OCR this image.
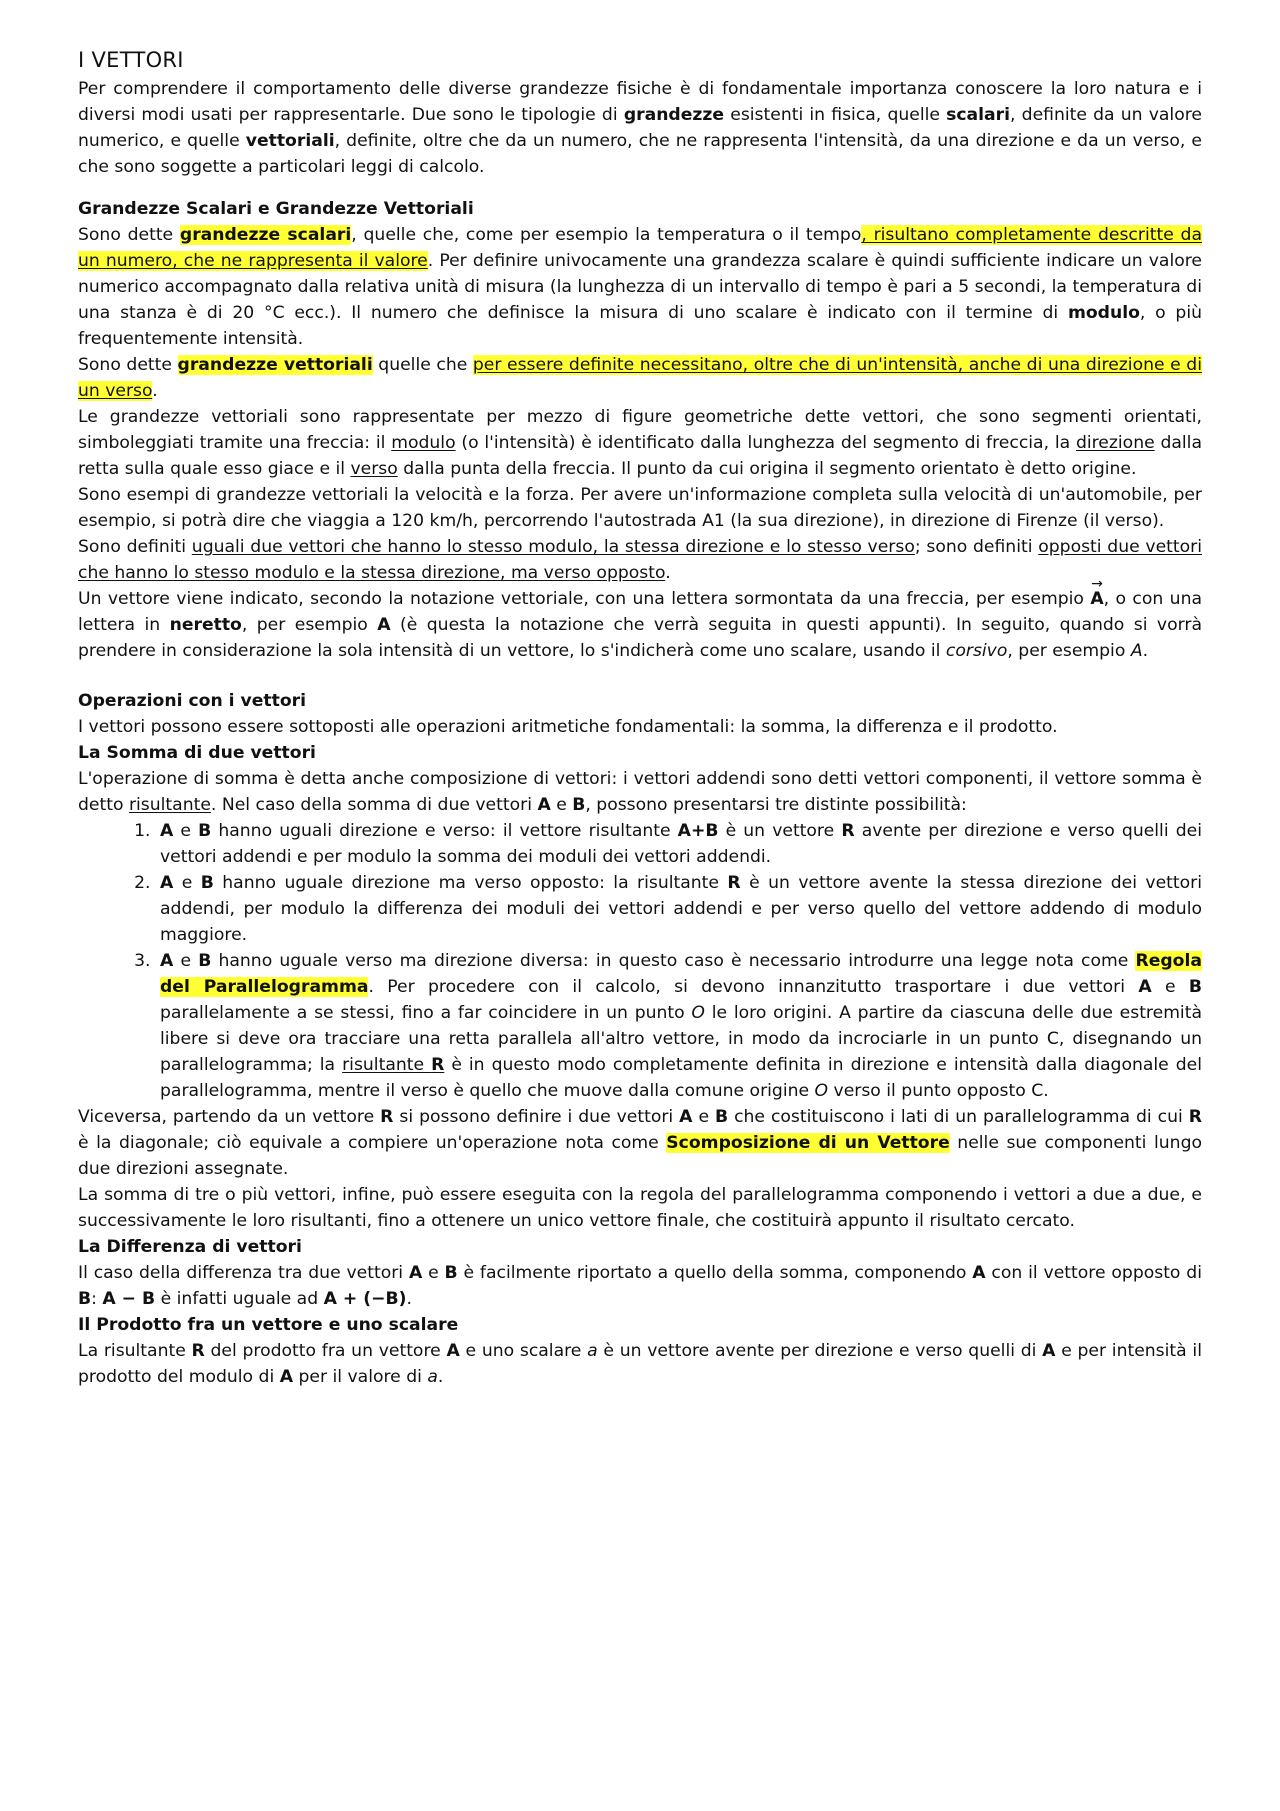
I VETTORI

Per comprendere il comportamento delle diverse grandezze fisiche è di fondamentale importanza conoscere la loro natura e i diversi modi usati per rappresentarle. Due sono le tipologie di grandezze esistenti in fisica, quelle scalari, definite da un valore numerico, e quelle vettoriali, definite, oltre che da un numero, che ne rappresenta l'intensità, da una direzione e da un verso, e che sono soggette a particolari leggi di calcolo.

Grandezze Scalari e Grandezze Vettoriali

Sono dette grandezze scalari, quelle che, come per esempio la temperatura o il tempo, risultano completamente descritte da un numero, che ne rappresenta il valore. Per definire univocamente una grandezza scalare è quindi sufficiente indicare un valore numerico accompagnato dalla relativa unità di misura (la lunghezza di un intervallo di tempo è pari a 5 secondi, la temperatura di una stanza è di 20 °C ecc.). Il numero che definisce la misura di uno scalare è indicato con il termine di modulo, o più frequentemente intensità.

Sono dette grandezze vettoriali quelle che per essere definite necessitano, oltre che di un'intensità, anche di una direzione e di un verso.

Le grandezze vettoriali sono rappresentate per mezzo di figure geometriche dette vettori, che sono segmenti orientati, simboleggiati tramite una freccia: il modulo (o l'intensità) è identificato dalla lunghezza del segmento di freccia, la direzione dalla retta sulla quale esso giace e il verso dalla punta della freccia. Il punto da cui origina il segmento orientato è detto origine.

Sono esempi di grandezze vettoriali la velocità e la forza. Per avere un'informazione completa sulla velocità di un'automobile, per esempio, si potrà dire che viaggia a 120 km/h, percorrendo l'autostrada A1 (la sua direzione), in direzione di Firenze (il verso).

Sono definiti uguali due vettori che hanno lo stesso modulo, la stessa direzione e lo stesso verso; sono definiti opposti due vettori che hanno lo stesso modulo e la stessa direzione, ma verso opposto.

Un vettore viene indicato, secondo la notazione vettoriale, con una lettera sormontata da una freccia, per esempio → A, o con una lettera in neretto, per esempio A (è questa la notazione che verrà seguita in questi appunti). In seguito, quando si vorrà prendere in considerazione la sola intensità di un vettore, lo s'indicherà come uno scalare, usando il corsivo, per esempio A.

Operazioni con i vettori

I vettori possono essere sottoposti alle operazioni aritmetiche fondamentali: la somma, la differenza e il prodotto.

La Somma di due vettori

L'operazione di somma è detta anche composizione di vettori: i vettori addendi sono detti vettori componenti, il vettore somma è detto risultante. Nel caso della somma di due vettori A e B, possono presentarsi tre distinte possibilità:

1. A e B hanno uguali direzione e verso: il vettore risultante A+B è un vettore R avente per direzione e verso quelli dei vettori addendi e per modulo la somma dei moduli dei vettori addendi.
2. A e B hanno uguale direzione ma verso opposto: la risultante R è un vettore avente la stessa direzione dei vettori addendi, per modulo la differenza dei moduli dei vettori addendi e per verso quello del vettore addendo di modulo maggiore.
3. A e B hanno uguale verso ma direzione diversa: in questo caso è necessario introdurre una legge nota come Regola del Parallelogramma. Per procedere con il calcolo, si devono innanzitutto trasportare i due vettori A e B parallelamente a se stessi, fino a far coincidere in un punto O le loro origini. A partire da ciascuna delle due estremità libere si deve ora tracciare una retta parallela all'altro vettore, in modo da incrociarle in un punto C, disegnando un parallelogramma; la risultante R è in questo modo completamente definita in direzione e intensità dalla diagonale del parallelogramma, mentre il verso è quello che muove dalla comune origine O verso il punto opposto C.

Viceversa, partendo da un vettore R si possono definire i due vettori A e B che costituiscono i lati di un parallelogramma di cui R è la diagonale; ciò equivale a compiere un'operazione nota come Scomposizione di un Vettore nelle sue componenti lungo due direzioni assegnate.

La somma di tre o più vettori, infine, può essere eseguita con la regola del parallelogramma componendo i vettori a due a due, e successivamente le loro risultanti, fino a ottenere un unico vettore finale, che costituirà appunto il risultato cercato.

La Differenza di vettori

Il caso della differenza tra due vettori A e B è facilmente riportato a quello della somma, componendo A con il vettore opposto di B: A − B è infatti uguale ad A + (−B).

Il Prodotto fra un vettore e uno scalare

La risultante R del prodotto fra un vettore A e uno scalare a è un vettore avente per direzione e verso quelli di A e per intensità il prodotto del modulo di A per il valore di a.
